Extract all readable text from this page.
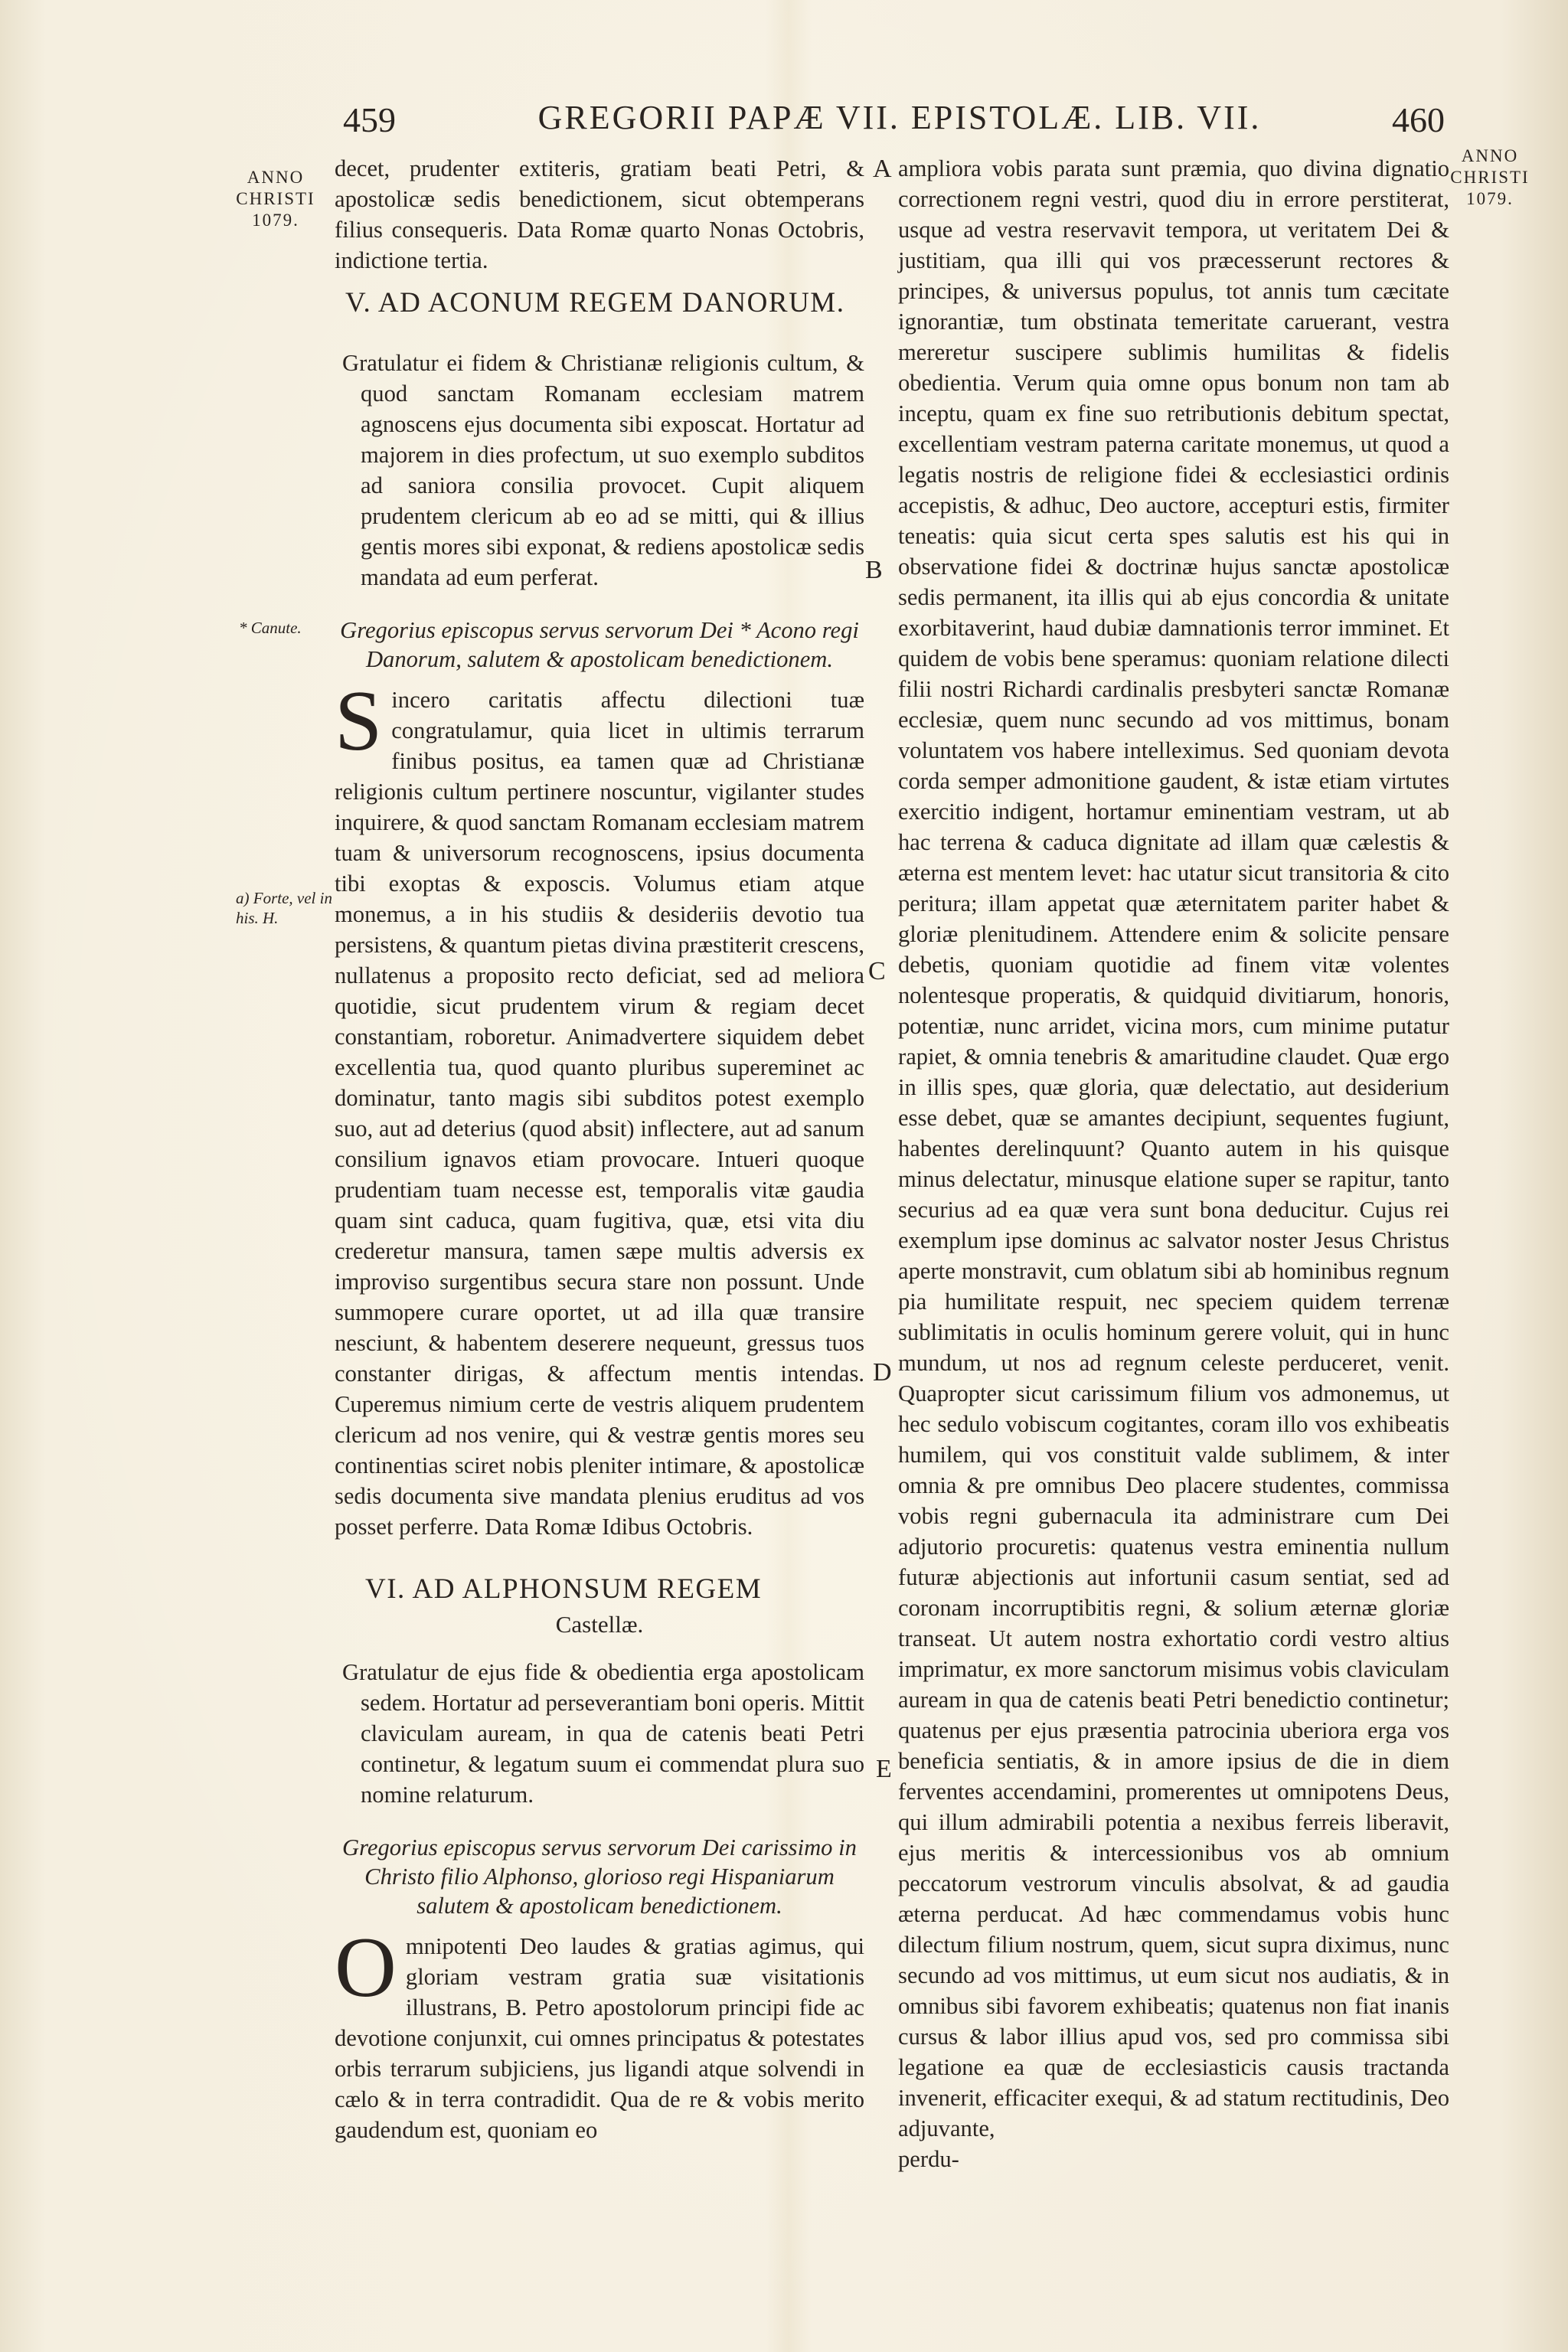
459	GREGORII PAPÆ VII. EPISTOLÆ. LIB. VII.	460
ANNO CHRISTI 1079.
ANNO CHRISTI 1079.
* Canute.
a) Forte, vel in his. H.
A
B
C
D
E

decet, prudenter extiteris, gratiam beati Petri, & apostolicæ sedis benedictionem, sicut obtemperans filius consequeris. Data Romæ quarto Nonas Octobris, indictione tertia.

V. AD ACONUM REGEM DANORUM.

Gratulatur ei fidem & Christianæ religionis cultum, & quod sanctam Romanam ecclesiam matrem agnoscens ejus documenta sibi exposcat. Hortatur ad majorem in dies profectum, ut suo exemplo subditos ad saniora consilia provocet. Cupit aliquem prudentem clericum ab eo ad se mitti, qui & illius gentis mores sibi exponat, & rediens apostolicæ sedis mandata ad eum perferat.

Gregorius episcopus servus servorum Dei * Acono regi Danorum, salutem & apostolicam benedictionem.
S incero caritatis affectu dilectioni tuæ congratulamur, quia licet in ultimis terrarum finibus positus, ea tamen quæ ad Christianæ religionis cultum pertinere noscuntur, vigilanter studes inquirere, & quod sanctam Romanam ecclesiam matrem tuam & universorum recognoscens, ipsius documenta tibi exoptas & exposcis. Volumus etiam atque monemus, a in his studiis & desideriis devotio tua persistens, & quantum pietas divina præstiterit crescens, nullatenus a proposito recto deficiat, sed ad meliora quotidie, sicut prudentem virum & regiam decet constantiam, roboretur. Animadvertere siquidem debet excellentia tua, quod quanto pluribus supereminet ac dominatur, tanto magis sibi subditos potest exemplo suo, aut ad deterius (quod absit) inflectere, aut ad sanum consilium ignavos etiam provocare. Intueri quoque prudentiam tuam necesse est, temporalis vitæ gaudia quam sint caduca, quam fugitiva, quæ, etsi vita diu crederetur mansura, tamen sæpe multis adversis ex improviso surgentibus secura stare non possunt. Unde summopere curare oportet, ut ad illa quæ transire nesciunt, & habentem deserere nequeunt, gressus tuos constanter dirigas, & affectum mentis intendas. Cuperemus nimium certe de vestris aliquem prudentem clericum ad nos venire, qui & vestræ gentis mores seu continentias sciret nobis pleniter intimare, & apostolicæ sedis documenta sive mandata plenius eruditus ad vos posset perferre. Data Romæ Idibus Octobris.

VI. AD ALPHONSUM REGEM
Castellæ.

Gratulatur de ejus fide & obedientia erga apostolicam sedem. Hortatur ad perseverantiam boni operis. Mittit claviculam auream, in qua de catenis beati Petri continetur, & legatum suum ei commendat plura suo nomine relaturum.

Gregorius episcopus servus servorum Dei carissimo in Christo filio Alphonso, glorioso regi Hispaniarum salutem & apostolicam benedictionem.
O mnipotenti Deo laudes & gratias agimus, qui gloriam vestram gratia suæ visitationis illustrans, B. Petro apostolorum principi fide ac devotione conjunxit, cui omnes principatus & potestates orbis terrarum subjiciens, jus ligandi atque solvendi in cælo & in terra contradidit. Qua de re & vobis merito gaudendum est, quoniam eo

ampliora vobis parata sunt præmia, quo divina dignatio correctionem regni vestri, quod diu in errore perstiterat, usque ad vestra reservavit tempora, ut veritatem Dei & justitiam, qua illi qui vos præcesserunt rectores & principes, & universus populus, tot annis tum cæcitate ignorantiæ, tum obstinata temeritate caruerant, vestra mereretur suscipere sublimis humilitas & fidelis obedientia. Verum quia omne opus bonum non tam ab inceptu, quam ex fine suo retributionis debitum spectat, excellentiam vestram paterna caritate monemus, ut quod a legatis nostris de religione fidei & ecclesiastici ordinis accepistis, & adhuc, Deo auctore, accepturi estis, firmiter teneatis: quia sicut certa spes salutis est his qui in observatione fidei & doctrinæ hujus sanctæ apostolicæ sedis permanent, ita illis qui ab ejus concordia & unitate exorbitaverint, haud dubiæ damnationis terror imminet. Et quidem de vobis bene speramus: quoniam relatione dilecti filii nostri Richardi cardinalis presbyteri sanctæ Romanæ ecclesiæ, quem nunc secundo ad vos mittimus, bonam voluntatem vos habere intelleximus. Sed quoniam devota corda semper admonitione gaudent, & istæ etiam virtutes exercitio indigent, hortamur eminentiam vestram, ut ab hac terrena & caduca dignitate ad illam quæ cælestis & æterna est mentem levet: hac utatur sicut transitoria & cito peritura; illam appetat quæ æternitatem pariter habet & gloriæ plenitudinem. Attendere enim & solicite pensare debetis, quoniam quotidie ad finem vitæ volentes nolentesque properatis, & quidquid divitiarum, honoris, potentiæ, nunc arridet, vicina mors, cum minime putatur rapiet, & omnia tenebris & amaritudine claudet. Quæ ergo in illis spes, quæ gloria, quæ delectatio, aut desiderium esse debet, quæ se amantes decipiunt, sequentes fugiunt, habentes derelinquunt? Quanto autem in his quisque minus delectatur, minusque elatione super se rapitur, tanto securius ad ea quæ vera sunt bona deducitur. Cujus rei exemplum ipse dominus ac salvator noster Jesus Christus aperte monstravit, cum oblatum sibi ab hominibus regnum pia humilitate respuit, nec speciem quidem terrenæ sublimitatis in oculis hominum gerere voluit, qui in hunc mundum, ut nos ad regnum celeste perduceret, venit. Quapropter sicut carissimum filium vos admonemus, ut hec sedulo vobiscum cogitantes, coram illo vos exhibeatis humilem, qui vos constituit valde sublimem, & inter omnia & pre omnibus Deo placere studentes, commissa vobis regni gubernacula ita administrare cum Dei adjutorio procuretis: quatenus vestra eminentia nullum futuræ abjectionis aut infortunii casum sentiat, sed ad coronam incorruptibitis regni, & solium æternæ gloriæ transeat. Ut autem nostra exhortatio cordi vestro altius imprimatur, ex more sanctorum misimus vobis claviculam auream in qua de catenis beati Petri benedictio continetur; quatenus per ejus præsentia patrocinia uberiora erga vos beneficia sentiatis, & in amore ipsius de die in diem ferventes accendamini, promerentes ut omnipotens Deus, qui illum admirabili potentia a nexibus ferreis liberavit, ejus meritis & intercessionibus vos ab omnium peccatorum vestrorum vinculis absolvat, & ad gaudia æterna perducat. Ad hæc commendamus vobis hunc dilectum filium nostrum, quem, sicut supra diximus, nunc secundo ad vos mittimus, ut eum sicut nos audiatis, & in omnibus sibi favorem exhibeatis; quatenus non fiat inanis cursus & labor illius apud vos, sed pro commissa sibi legatione ea quæ de ecclesiasticis causis tractanda invenerit, efficaciter exequi, & ad statum rectitudinis, Deo adjuvante,

perdu-
